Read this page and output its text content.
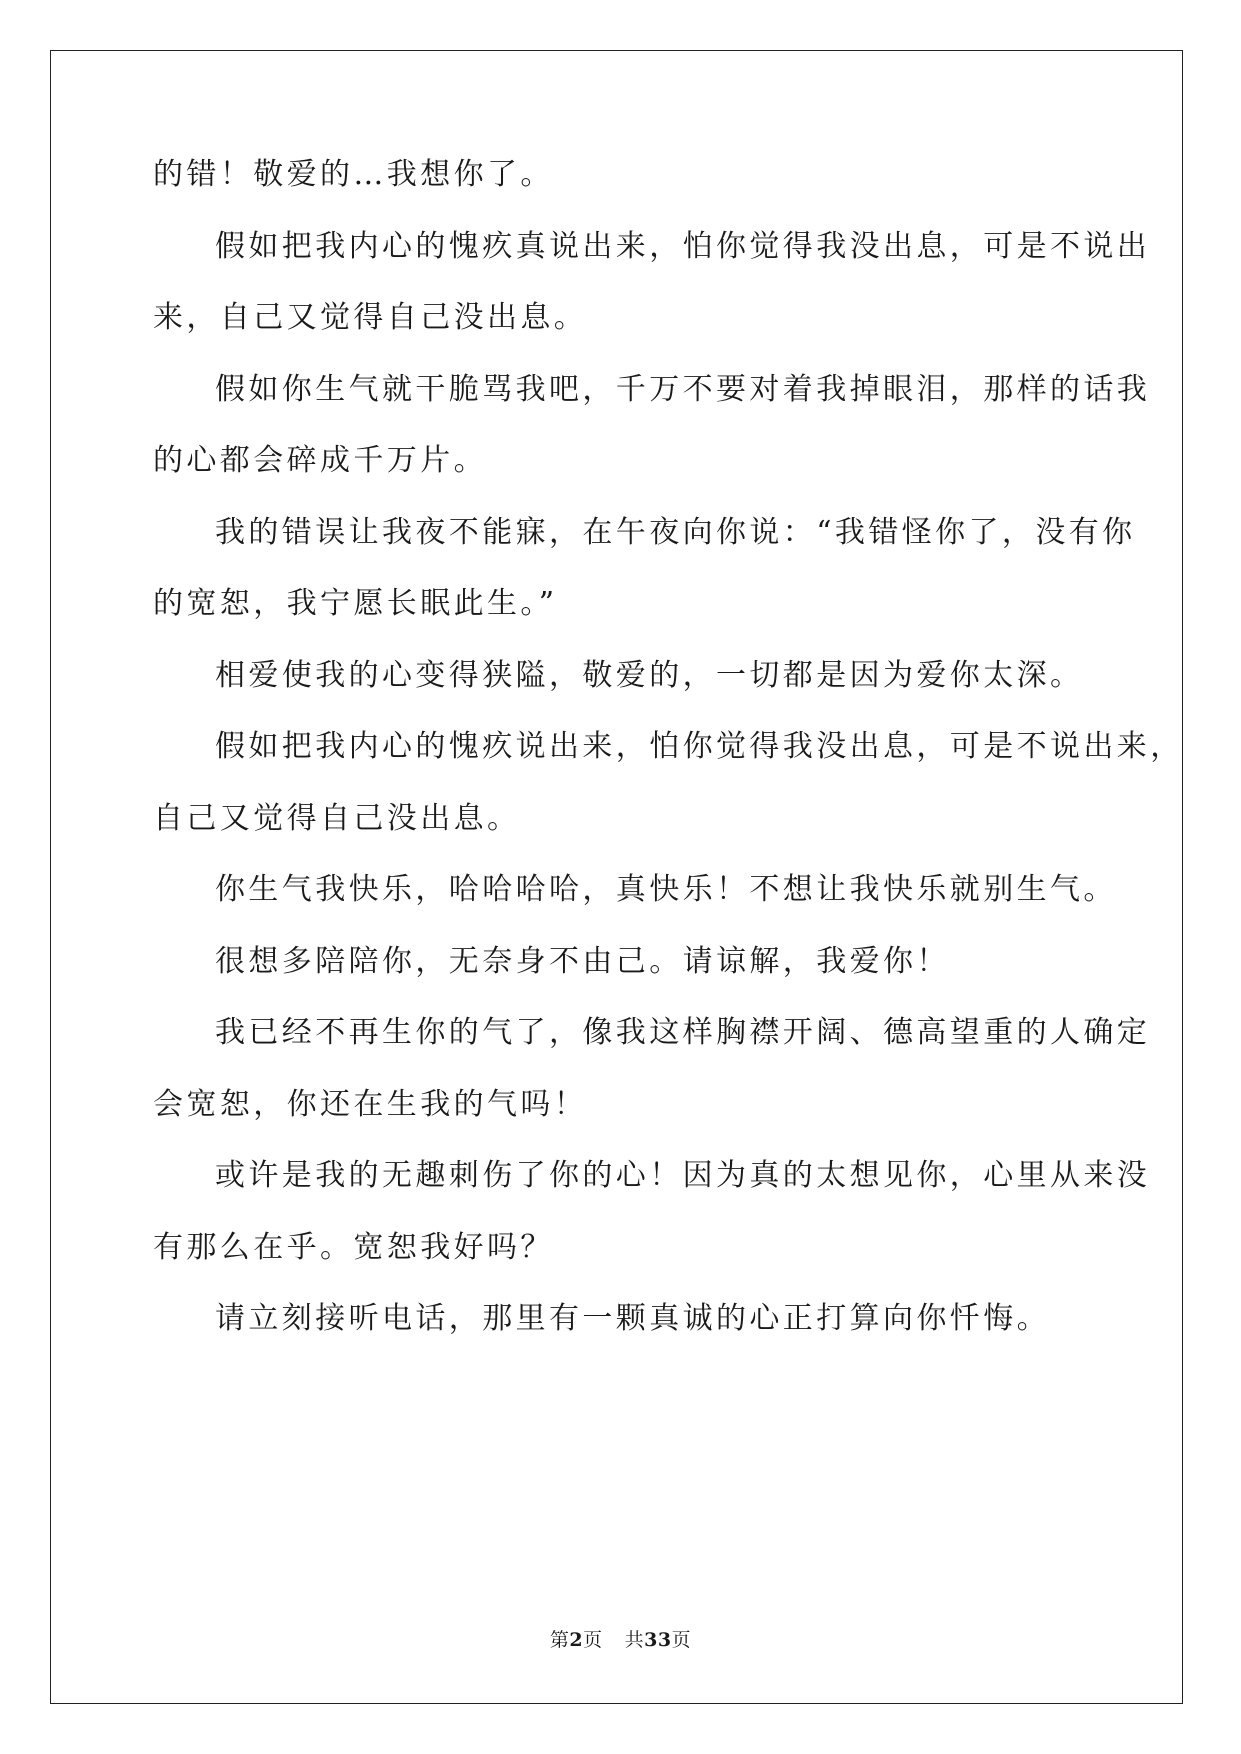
的错！敬爱的…我想你了。
假如把我内心的愧疚真说出来，怕你觉得我没出息，可是不说出
来，自己又觉得自己没出息。
假如你生气就干脆骂我吧，千万不要对着我掉眼泪，那样的话我
的心都会碎成千万片。
我的错误让我夜不能寐，在午夜向你说：“我错怪你了，没有你
的宽恕，我宁愿长眠此生。”
相爱使我的心变得狭隘，敬爱的，一切都是因为爱你太深。
假如把我内心的愧疚说出来，怕你觉得我没出息，可是不说出来，
自己又觉得自己没出息。
你生气我快乐，哈哈哈哈，真快乐！不想让我快乐就别生气。
很想多陪陪你，无奈身不由己。请谅解，我爱你！
我已经不再生你的气了，像我这样胸襟开阔、德高望重的人确定
会宽恕，你还在生我的气吗！
或许是我的无趣刺伤了你的心！因为真的太想见你，心里从来没
有那么在乎。宽恕我好吗？
请立刻接听电话，那里有一颗真诚的心正打算向你忏悔。
第2页 共33页
